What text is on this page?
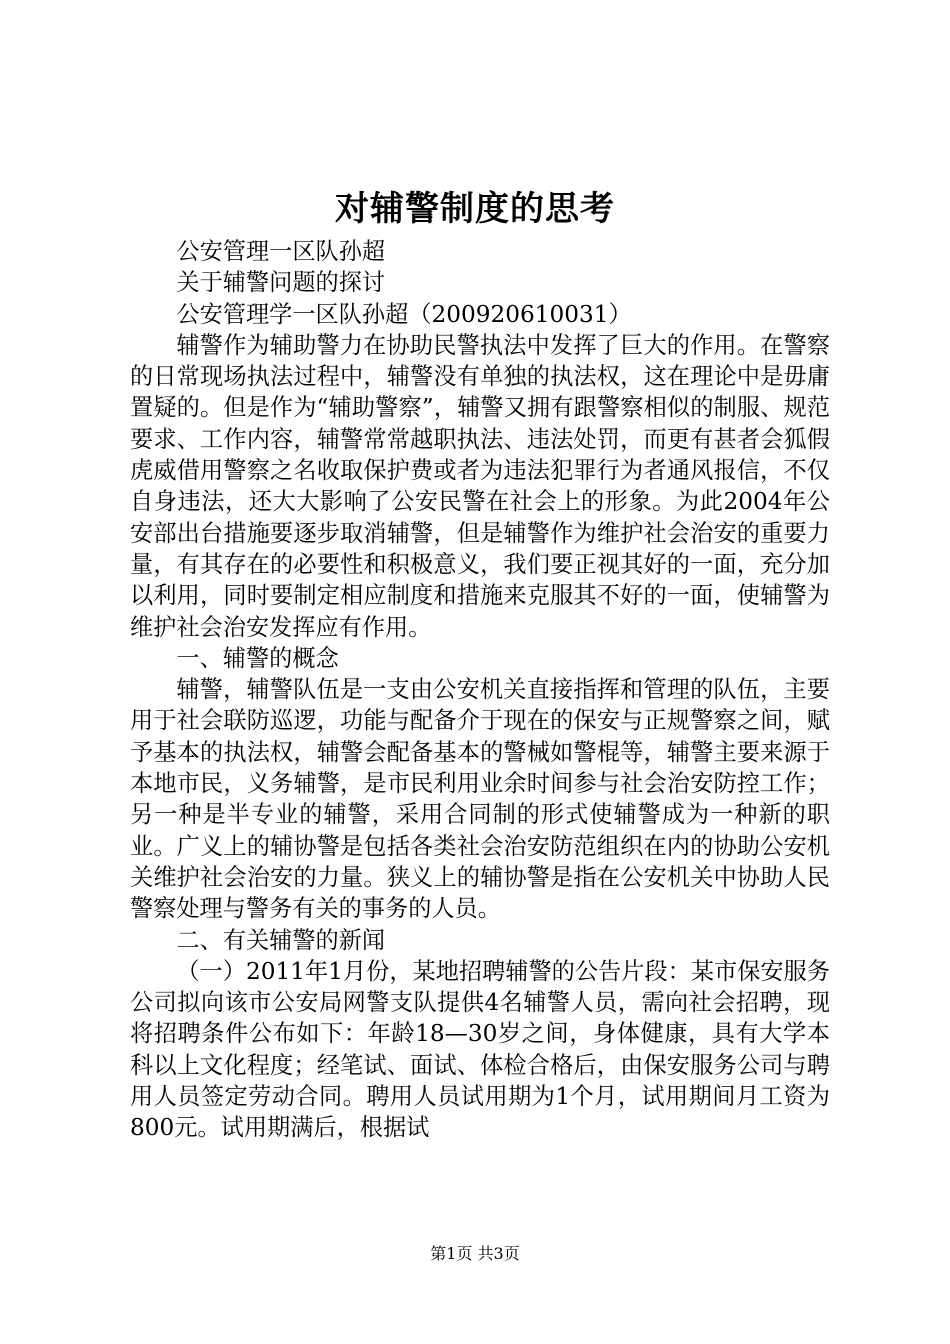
对辅警制度的思考

公安管理一区队孙超

关于辅警问题的探讨

公安管理学一区队孙超（200920610031）

辅警作为辅助警力在协助民警执法中发挥了巨大的作用。在警察的日常现场执法过程中，辅警没有单独的执法权，这在理论中是毋庸置疑的。但是作为“辅助警察”，辅警又拥有跟警察相似的制服、规范要求、工作内容，辅警常常越职执法、违法处罚，而更有甚者会狐假虎威借用警察之名收取保护费或者为违法犯罪行为者通风报信，不仅自身违法，还大大影响了公安民警在社会上的形象。为此2004年公安部出台措施要逐步取消辅警，但是辅警作为维护社会治安的重要力量，有其存在的必要性和积极意义，我们要正视其好的一面，充分加以利用，同时要制定相应制度和措施来克服其不好的一面，使辅警为维护社会治安发挥应有作用。

一、辅警的概念

辅警，辅警队伍是一支由公安机关直接指挥和管理的队伍，主要用于社会联防巡逻，功能与配备介于现在的保安与正规警察之间，赋予基本的执法权，辅警会配备基本的警械如警棍等，辅警主要来源于本地市民，义务辅警，是市民利用业余时间参与社会治安防控工作；另一种是半专业的辅警，采用合同制的形式使辅警成为一种新的职业。广义上的辅协警是包括各类社会治安防范组织在内的协助公安机关维护社会治安的力量。狭义上的辅协警是指在公安机关中协助人民警察处理与警务有关的事务的人员。

二、有关辅警的新闻

（一）2011年1月份，某地招聘辅警的公告片段：某市保安服务公司拟向该市公安局网警支队提供4名辅警人员，需向社会招聘，现将招聘条件公布如下：年龄18—30岁之间，身体健康，具有大学本科以上文化程度；经笔试、面试、体检合格后，由保安服务公司与聘用人员签定劳动合同。聘用人员试用期为1个月，试用期间月工资为800元。试用期满后，根据试

第1页 共3页
